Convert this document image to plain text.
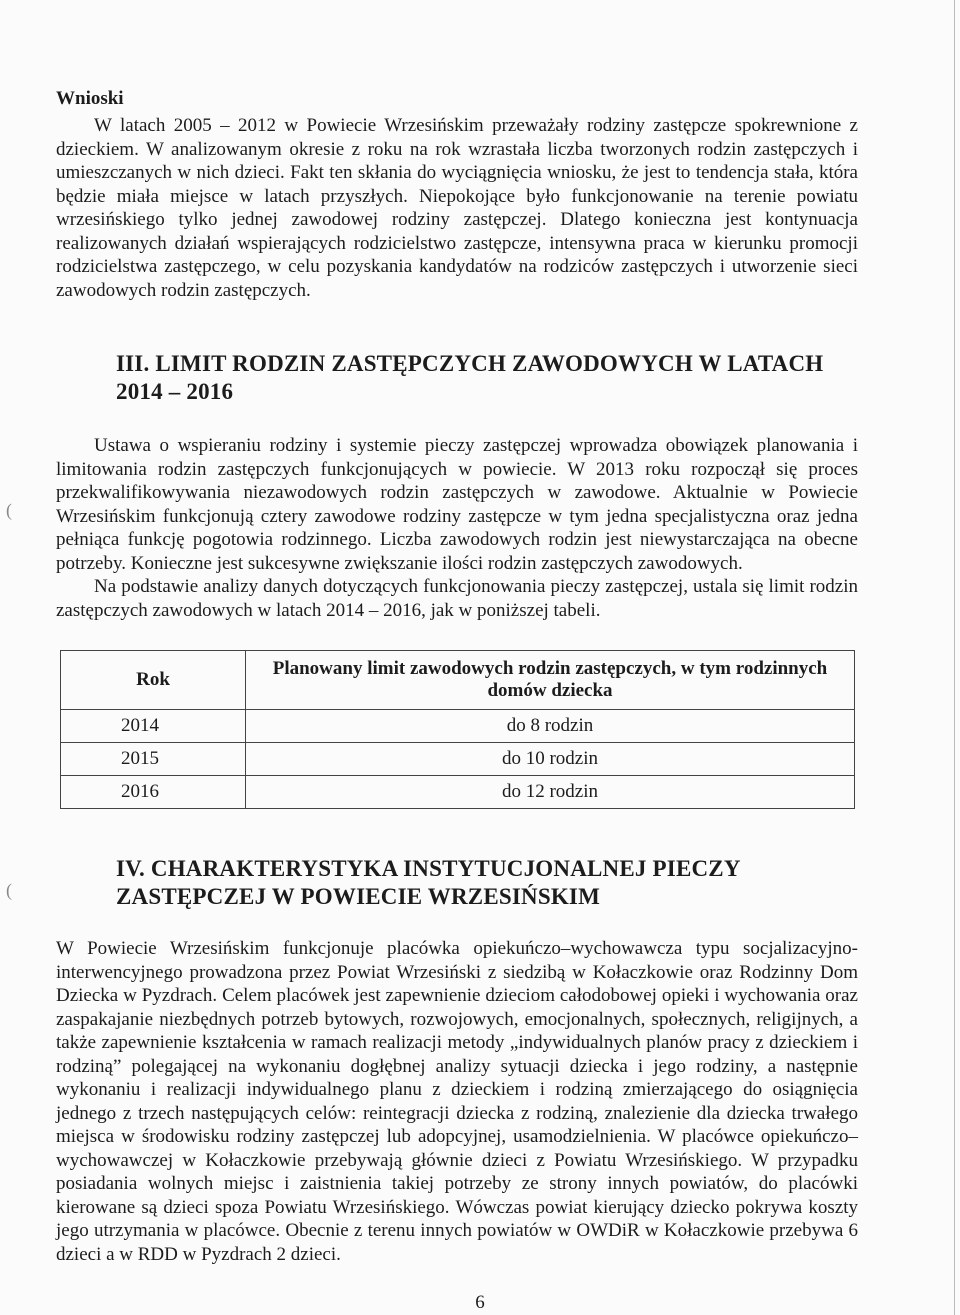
(
(
Wnioski

W latach 2005 – 2012 w Powiecie Wrzesińskim przeważały rodziny zastępcze spokrewnione z dzieckiem. W analizowanym okresie z roku na rok wzrastała liczba tworzonych rodzin zastępczych i umieszczanych w nich dzieci. Fakt ten skłania do wyciągnięcia wniosku, że jest to tendencja stała, która będzie miała miejsce w latach przyszłych. Niepokojące było funkcjonowanie na terenie powiatu wrzesińskiego tylko jednej zawodowej rodziny zastępczej. Dlatego konieczna jest kontynuacja realizowanych działań wspierających rodzicielstwo zastępcze, intensywna praca w kierunku promocji rodzicielstwa zastępczego, w celu pozyskania kandydatów na rodziców zastępczych i utworzenie sieci zawodowych rodzin zastępczych.

III. LIMIT RODZIN ZASTĘPCZYCH ZAWODOWYCH W LATACH
2014 – 2016

Ustawa o wspieraniu rodziny i systemie pieczy zastępczej wprowadza obowiązek planowania i limitowania rodzin zastępczych funkcjonujących w powiecie. W 2013 roku rozpoczął się proces przekwalifikowywania niezawodowych rodzin zastępczych w zawodowe. Aktualnie w Powiecie Wrzesińskim funkcjonują cztery zawodowe rodziny zastępcze w tym jedna specjalistyczna oraz jedna pełniąca funkcję pogotowia rodzinnego. Liczba zawodowych rodzin jest niewystarczająca na obecne potrzeby. Konieczne jest sukcesywne zwiększanie ilości rodzin zastępczych zawodowych.

Na podstawie analizy danych dotyczących funkcjonowania pieczy zastępczej, ustala się limit rodzin zastępczych zawodowych w latach 2014 – 2016, jak w poniższej tabeli.

Rok	Planowany limit zawodowych rodzin zastępczych, w tym rodzinnych domów dziecka
2014	do 8 rodzin
2015	do 10 rodzin
2016	do 12 rodzin
IV. CHARAKTERYSTYKA INSTYTUCJONALNEJ PIECZY
ZASTĘPCZEJ W POWIECIE WRZESIŃSKIM

W Powiecie Wrzesińskim funkcjonuje placówka opiekuńczo–wychowawcza typu socjalizacyjno-interwencyjnego prowadzona przez Powiat Wrzesiński z siedzibą w Kołaczkowie oraz Rodzinny Dom Dziecka w Pyzdrach. Celem placówek jest zapewnienie dzieciom całodobowej opieki i wychowania oraz zaspakajanie niezbędnych potrzeb bytowych, rozwojowych, emocjonalnych, społecznych, religijnych, a także zapewnienie kształcenia w ramach realizacji metody „indywidualnych planów pracy z dzieckiem i rodziną” polegającej na wykonaniu dogłębnej analizy sytuacji dziecka i jego rodziny, a następnie wykonaniu i realizacji indywidualnego planu z dzieckiem i rodziną zmierzającego do osiągnięcia jednego z trzech następujących celów: reintegracji dziecka z rodziną, znalezienie dla dziecka trwałego miejsca w środowisku rodziny zastępczej lub adopcyjnej, usamodzielnienia. W placówce opiekuńczo–wychowawczej w Kołaczkowie przebywają głównie dzieci z Powiatu Wrzesińskiego. W przypadku posiadania wolnych miejsc i zaistnienia takiej potrzeby ze strony innych powiatów, do placówki kierowane są dzieci spoza Powiatu Wrzesińskiego. Wówczas powiat kierujący dziecko pokrywa koszty jego utrzymania w placówce. Obecnie z terenu innych powiatów w OWDiR w Kołaczkowie przebywa 6 dzieci a w RDD w Pyzdrach 2 dzieci.

6
